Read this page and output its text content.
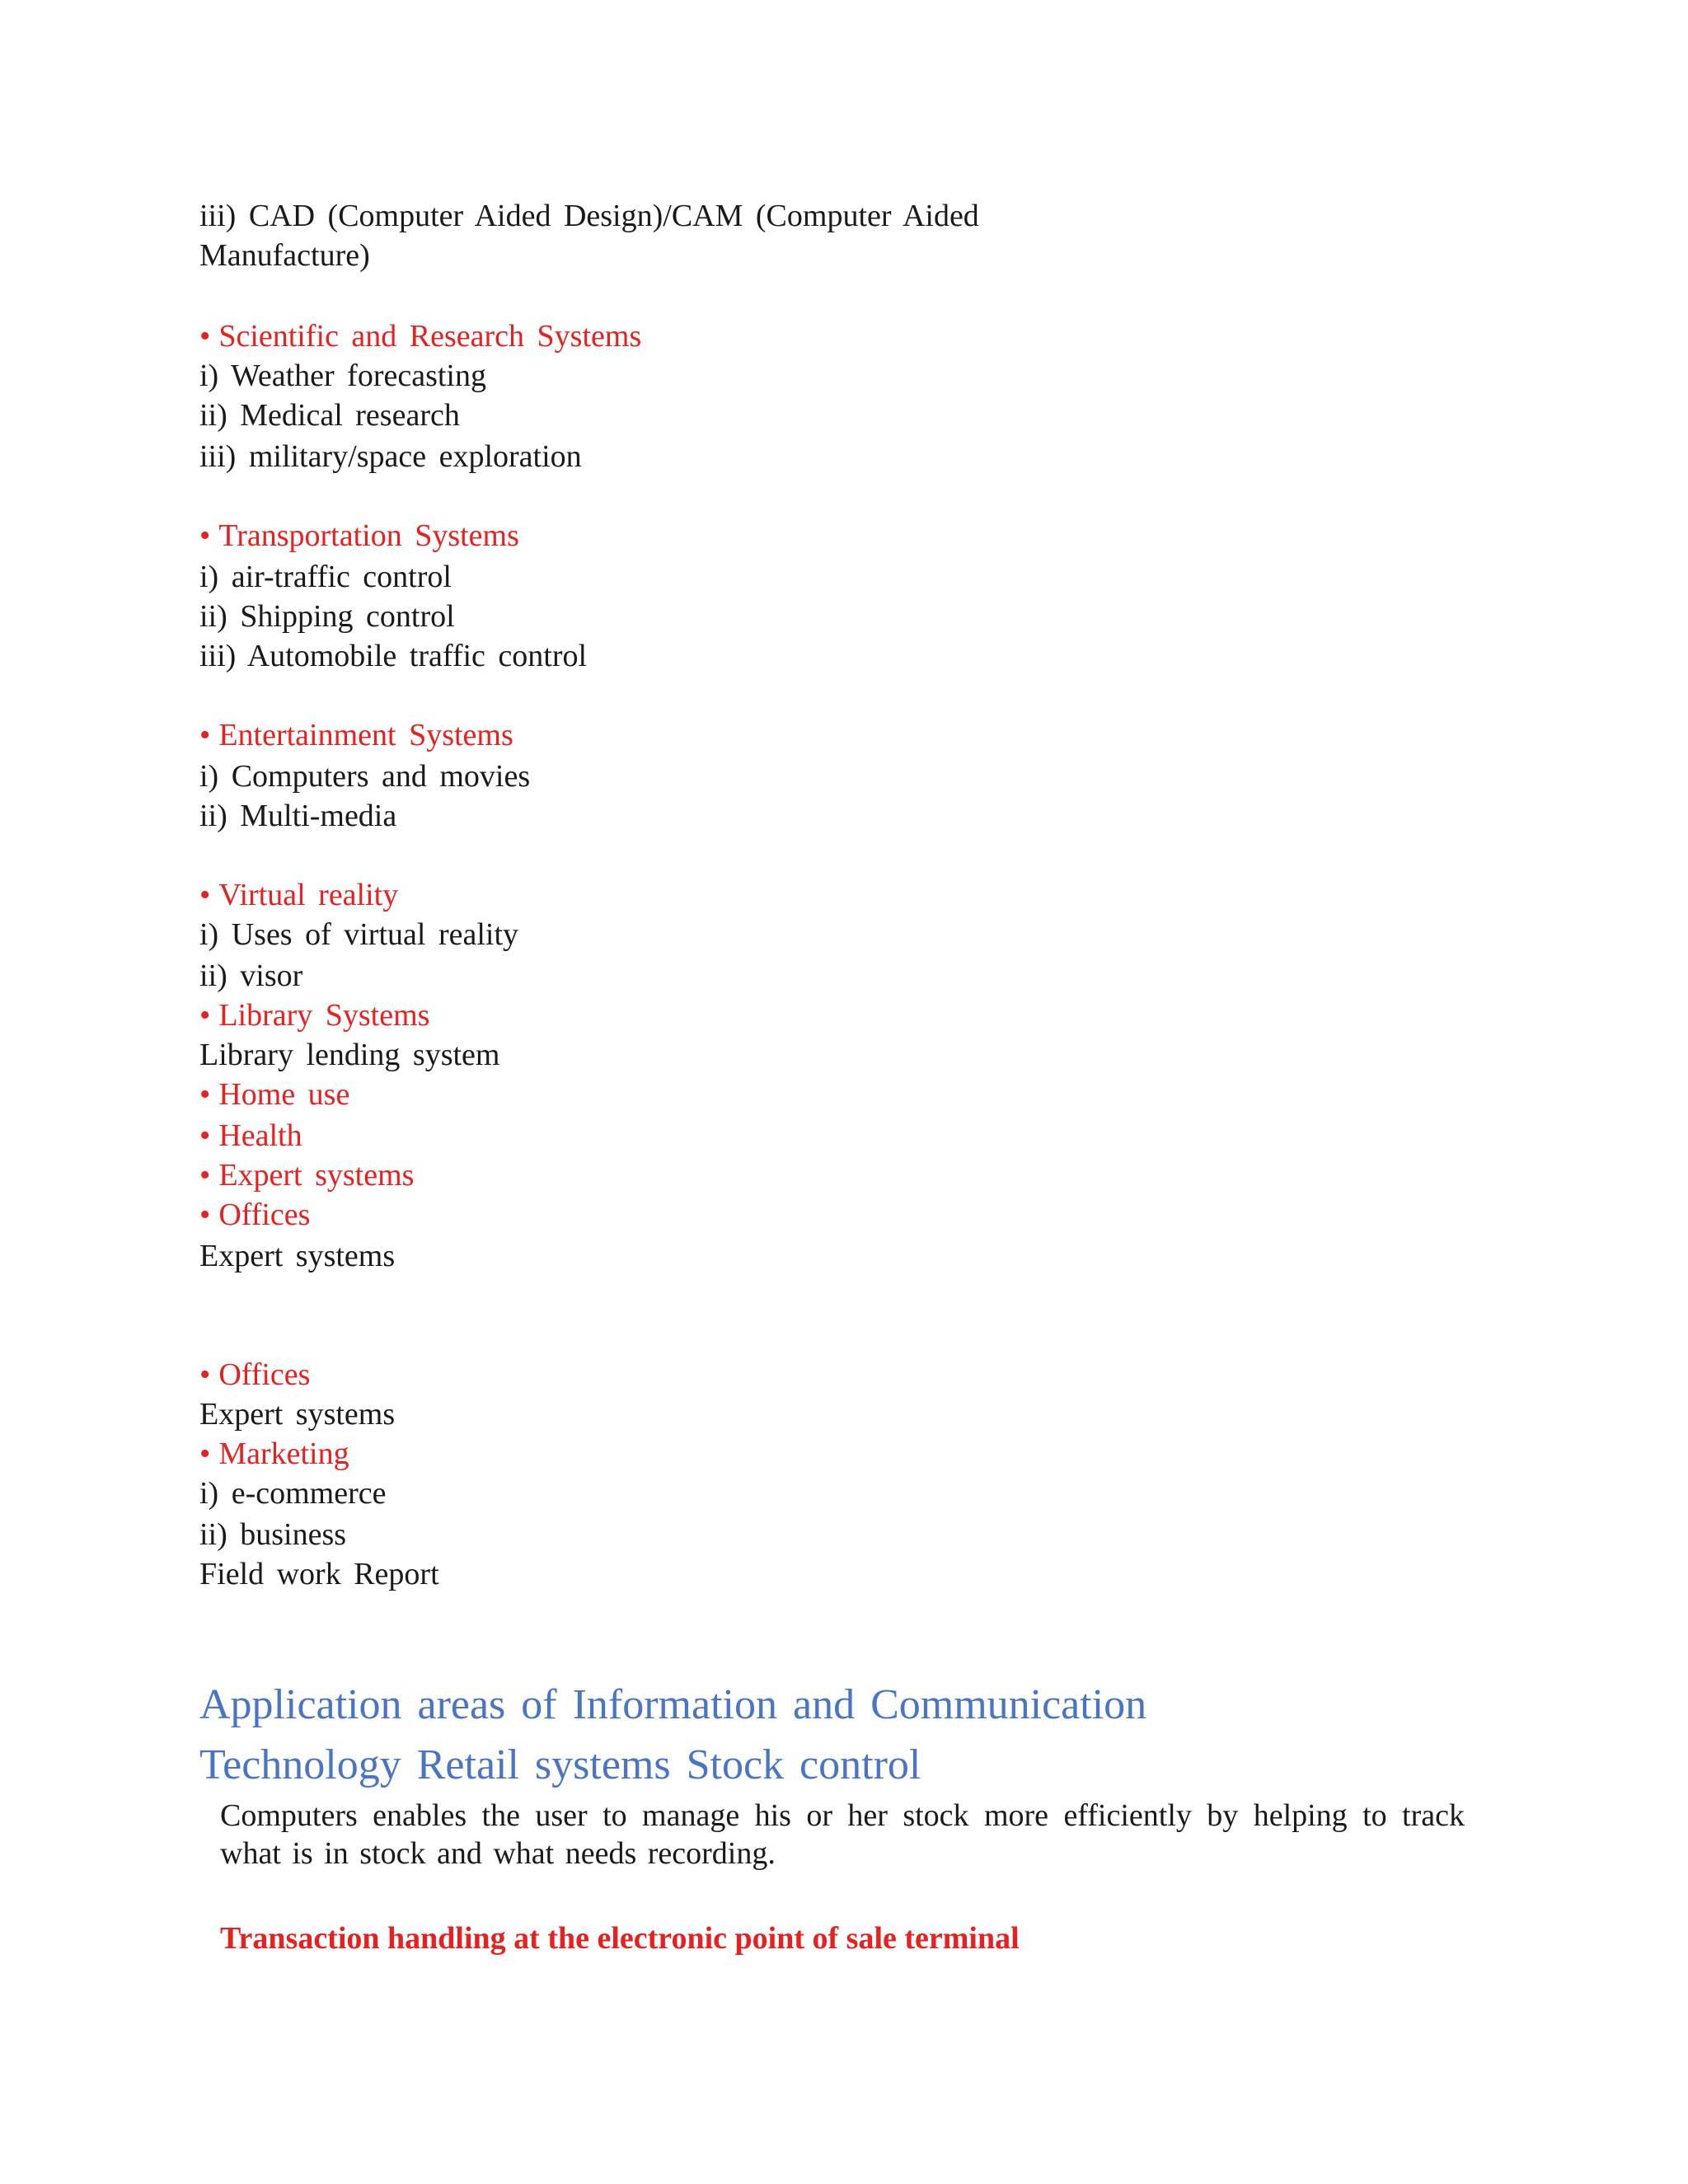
iii) CAD (Computer Aided Design)/CAM (Computer Aided
Manufacture)
• Scientific and Research Systems
i) Weather forecasting
ii) Medical research
iii) military/space exploration
• Transportation Systems
i) air-traffic control
ii) Shipping control
iii) Automobile traffic control
• Entertainment Systems
i) Computers and movies
ii) Multi-media
• Virtual reality
i) Uses of virtual reality
ii) visor
• Library Systems
Library lending system
• Home use
• Health
• Expert systems
• Offices
Expert systems
• Offices
Expert systems
• Marketing
i) e-commerce
ii) business
Field work Report
Application areas of Information and Communication
Technology Retail systems Stock control
Computers enables the user to manage his or her stock more efficiently by helping to track what is in stock and what needs recording.
Transaction handling at the electronic point of sale terminal
